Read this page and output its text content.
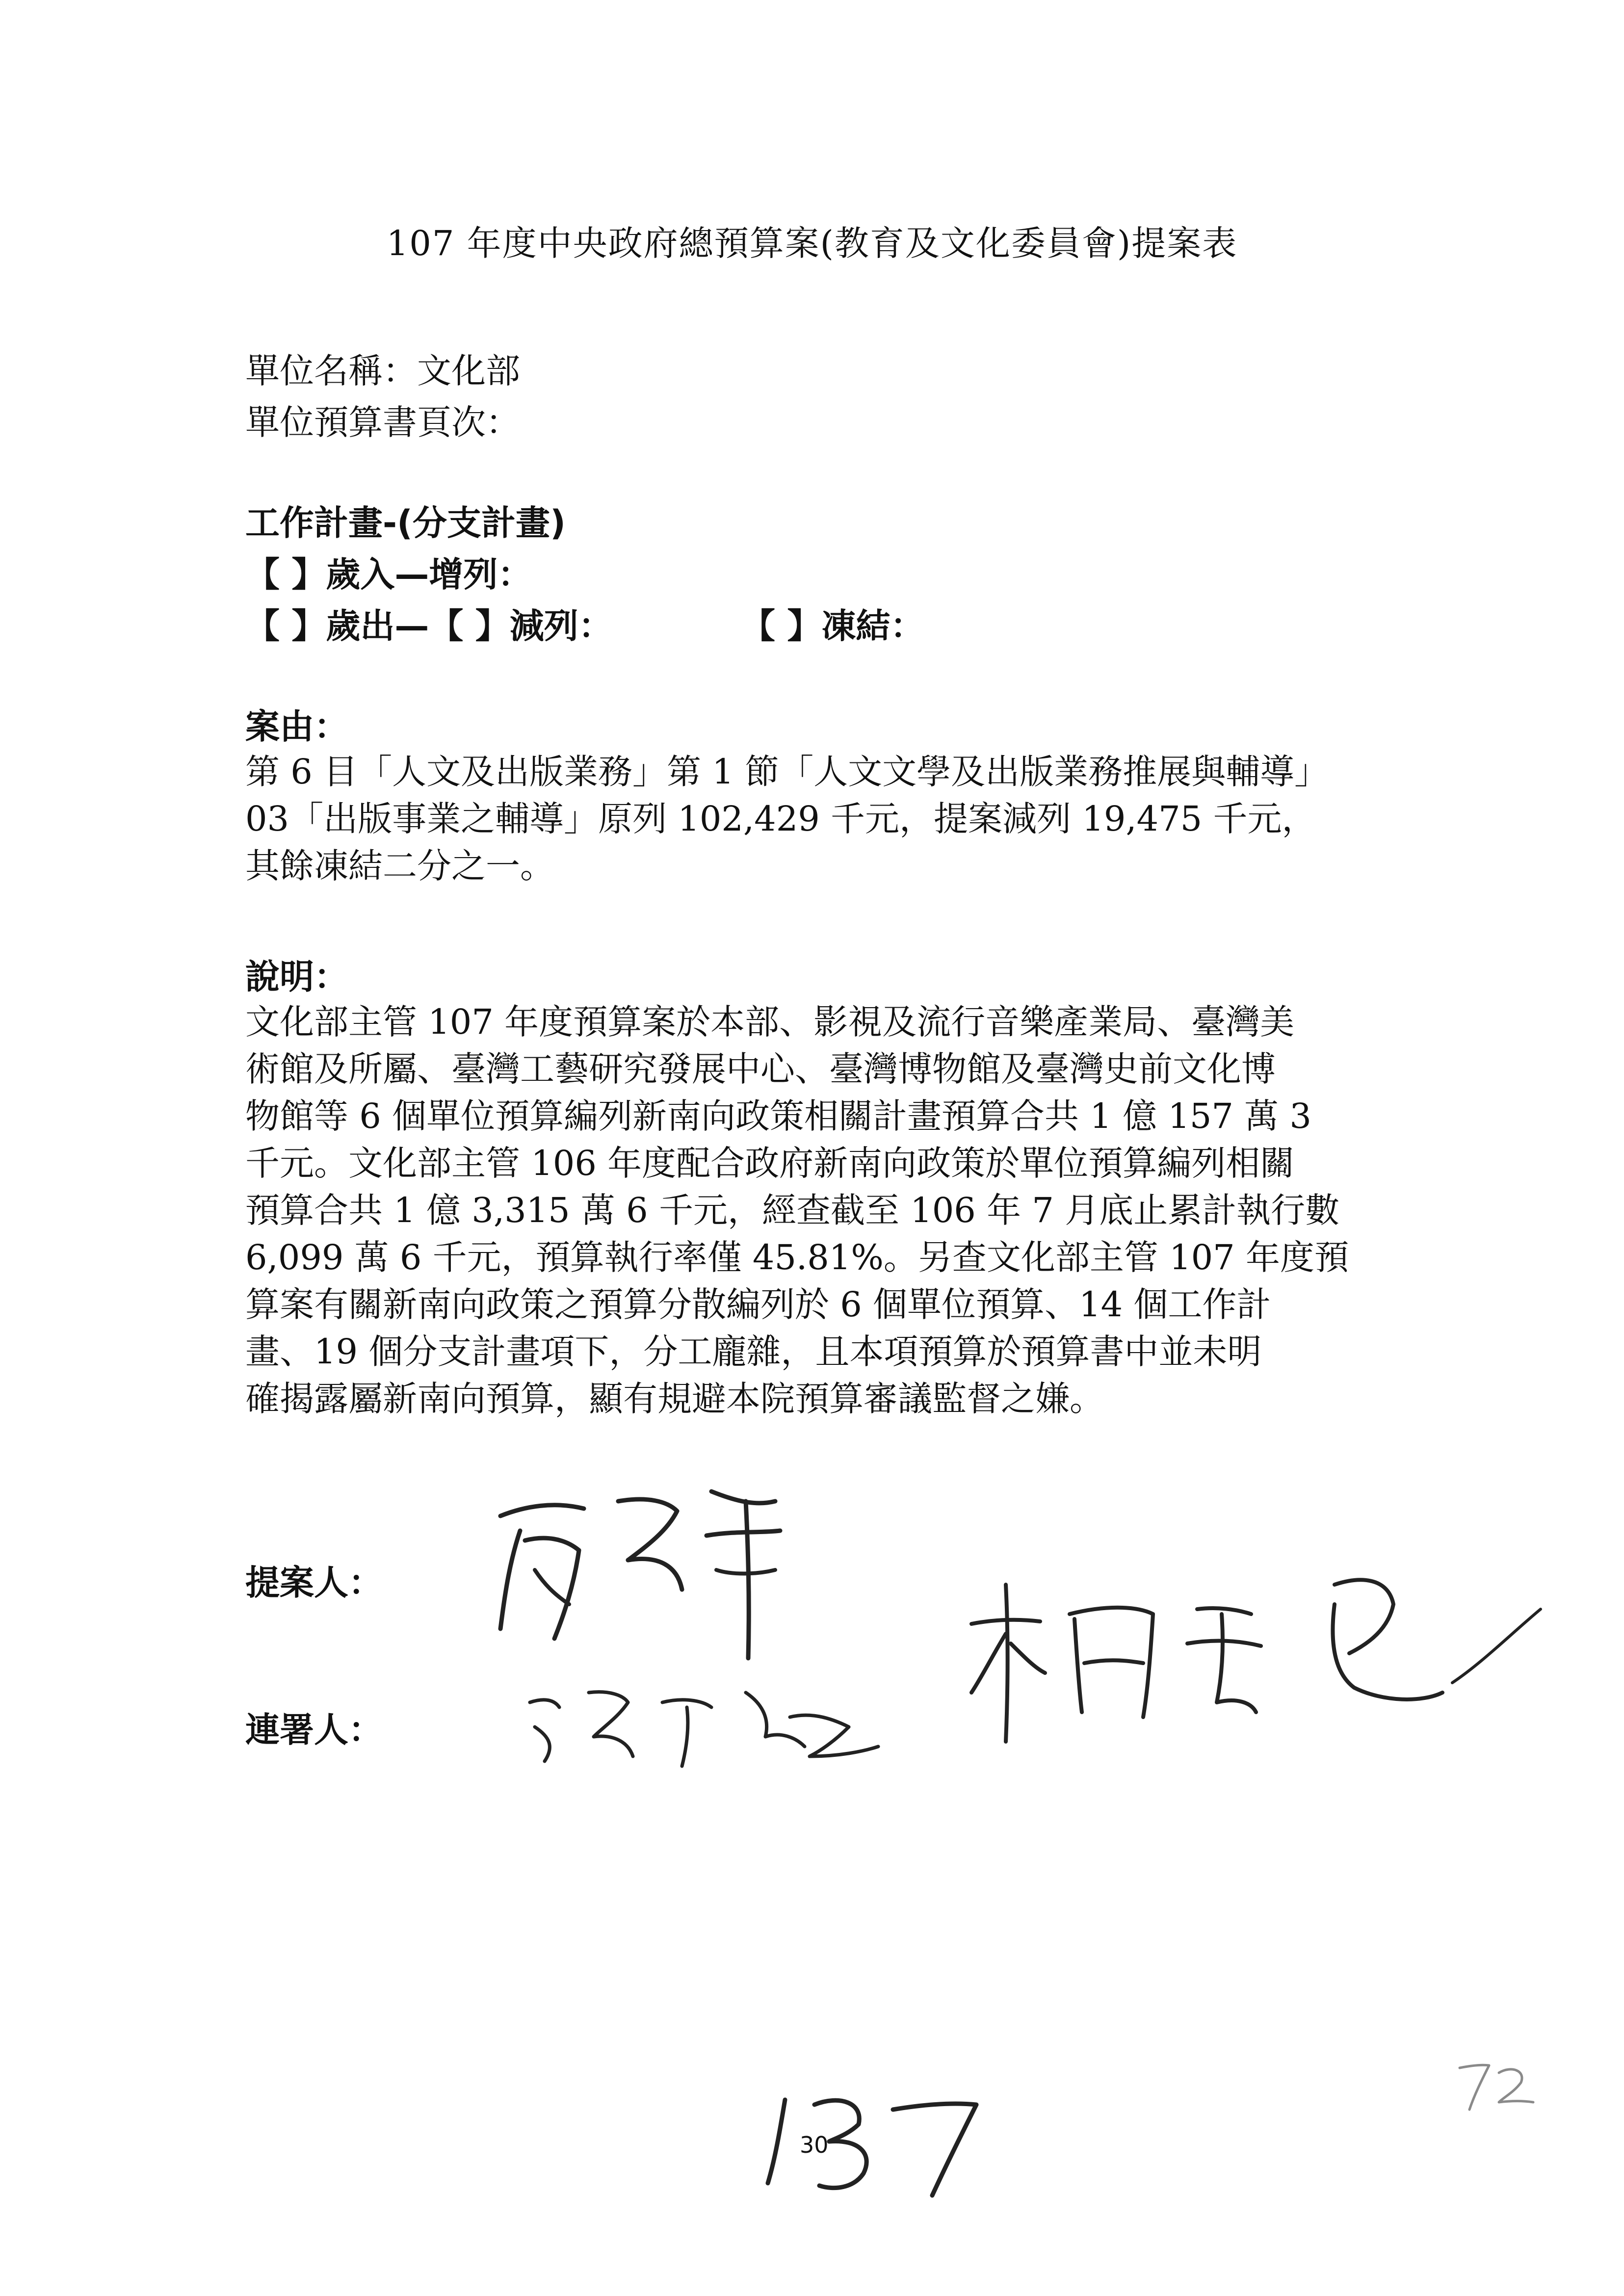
107 年度中央政府總預算案(教育及文化委員會)提案表
單位名稱：文化部
單位預算書頁次：
工作計畫-(分支計畫)
【 】歲入—增列：
【 】歲出—【 】減列：	【 】凍結：
案由：
第 6 目「人文及出版業務」第 1 節「人文文學及出版業務推展與輔導」
03「出版事業之輔導」原列 102,429 千元，提案減列 19,475 千元，
其餘凍結二分之一。
說明：
文化部主管 107 年度預算案於本部、影視及流行音樂產業局、臺灣美
術館及所屬、臺灣工藝研究發展中心、臺灣博物館及臺灣史前文化博
物館等 6 個單位預算編列新南向政策相關計畫預算合共 1 億 157 萬 3
千元。文化部主管 106 年度配合政府新南向政策於單位預算編列相關
預算合共 1 億 3,315 萬 6 千元，經查截至 106 年 7 月底止累計執行數
6,099 萬 6 千元，預算執行率僅 45.81%。另查文化部主管 107 年度預
算案有關新南向政策之預算分散編列於 6 個單位預算、14 個工作計
畫、19 個分支計畫項下，分工龐雜，且本項預算於預算書中並未明
確揭露屬新南向預算，顯有規避本院預算審議監督之嫌。
提案人：
連署人：
30
